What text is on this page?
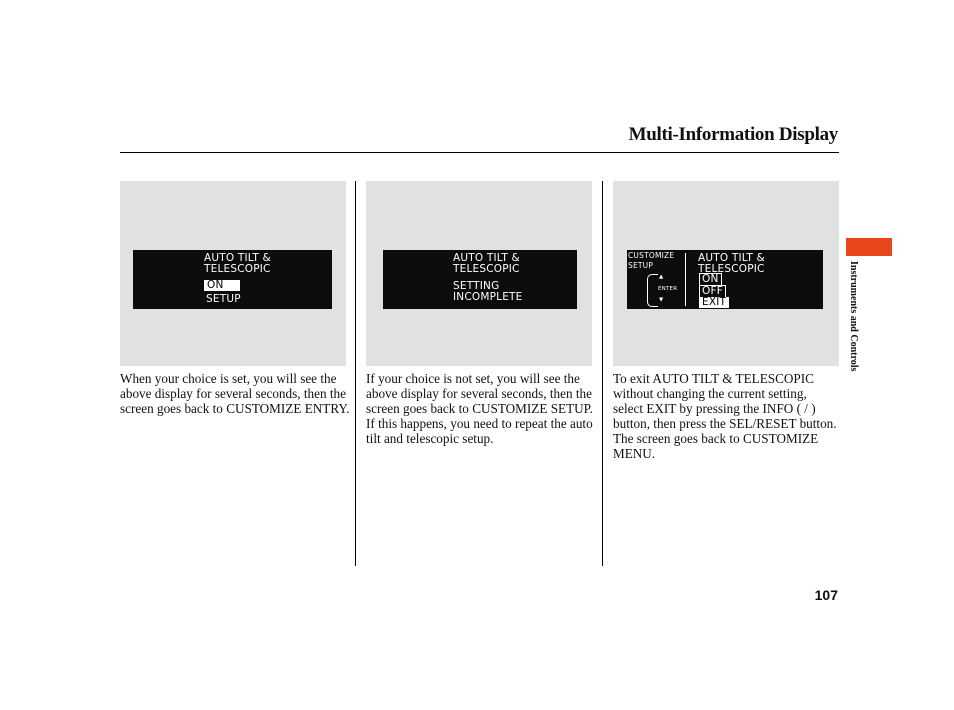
Multi-Information Display
AUTO TILT &
TELESCOPIC
ON
SETUP
AUTO TILT &
TELESCOPIC
SETTING
INCOMPLETE
CUSTOMIZE
SETUP
▲
ENTER
▼
AUTO TILT &
TELESCOPIC
ON
OFF
EXIT
When your choice is set, you will see the above display for several seconds, then the screen goes back to CUSTOMIZE ENTRY.
If your choice is not set, you will see the above display for several seconds, then the screen goes back to CUSTOMIZE SETUP. If this happens, you need to repeat the auto tilt and telescopic setup.
To exit AUTO TILT & TELESCOPIC without changing the current setting, select EXIT by pressing the INFO ( / ) button, then press the SEL/RESET button. The screen goes back to CUSTOMIZE MENU.
Instruments and Controls
107
